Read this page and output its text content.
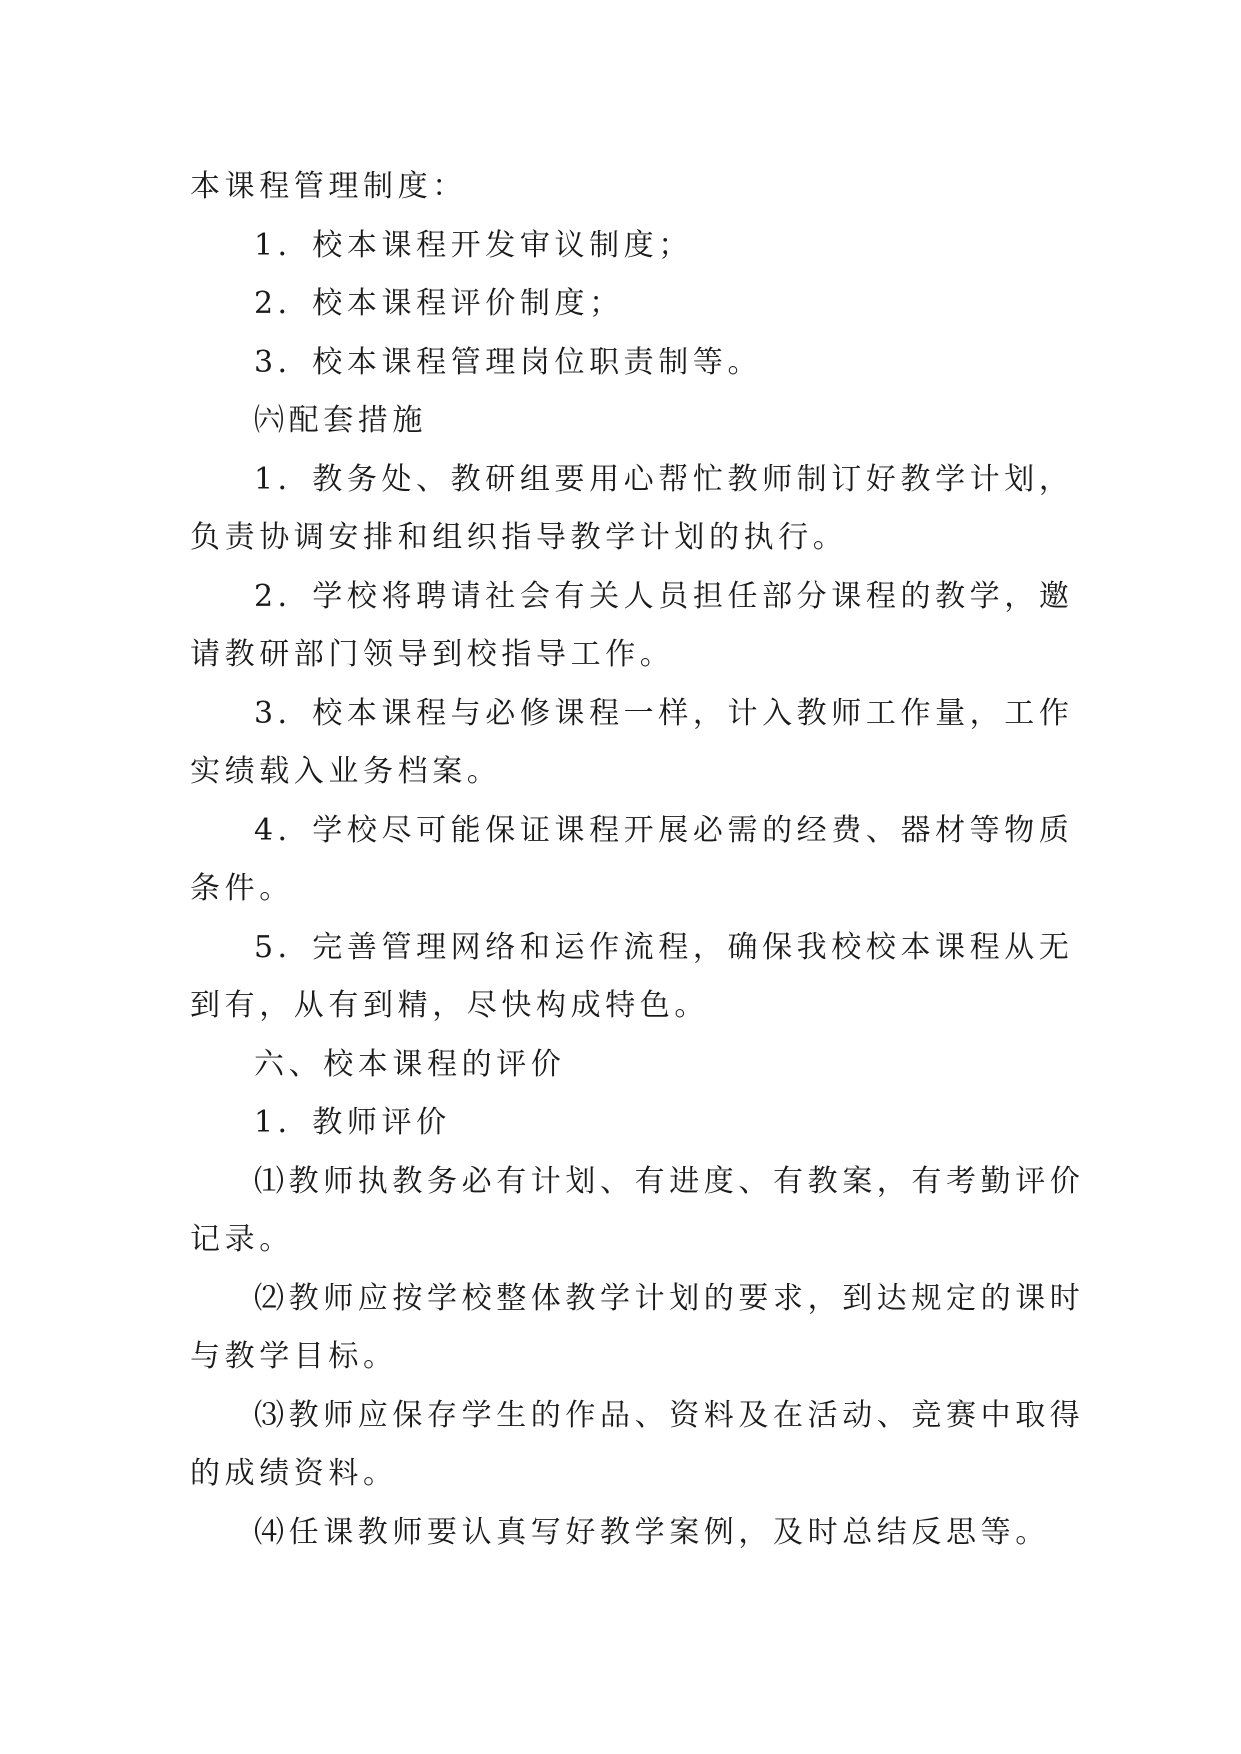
本课程管理制度：

1．校本课程开发审议制度；

2．校本课程评价制度；

3．校本课程管理岗位职责制等。

㈥配套措施

1．教务处、教研组要用心帮忙教师制订好教学计划，

负责协调安排和组织指导教学计划的执行。

2．学校将聘请社会有关人员担任部分课程的教学，邀

请教研部门领导到校指导工作。

3．校本课程与必修课程一样，计入教师工作量，工作

实绩载入业务档案。

4．学校尽可能保证课程开展必需的经费、器材等物质

条件。

5．完善管理网络和运作流程，确保我校校本课程从无

到有，从有到精，尽快构成特色。

六、校本课程的评价

1．教师评价

⑴教师执教务必有计划、有进度、有教案，有考勤评价

记录。

⑵教师应按学校整体教学计划的要求，到达规定的课时

与教学目标。

⑶教师应保存学生的作品、资料及在活动、竞赛中取得

的成绩资料。

⑷任课教师要认真写好教学案例，及时总结反思等。
